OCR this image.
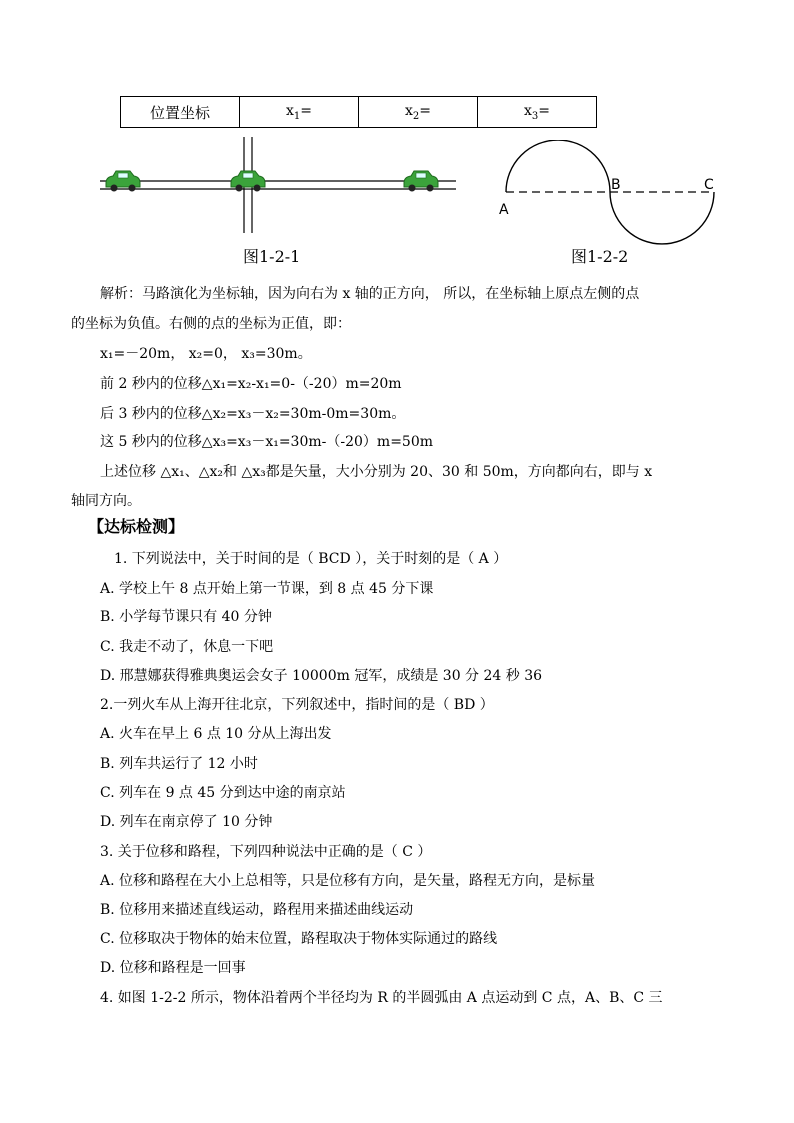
位置坐标	$x_1=$	$x_2=$	$x_3=$
图1-2-1
A
B	C
图1-2-2
解析：马路演化为坐标轴，因为向右为 x 轴的正方向， 所以，在坐标轴上原点左侧的点
的坐标为负值。右侧的点的坐标为正值，即：
x₁=－20m， x₂=0， x₃=30m。
前 2 秒内的位移△x₁=x₂-x₁=0-（-20）m=20m
后 3 秒内的位移△x₂=x₃－x₂=30m-0m=30m。
这 5 秒内的位移△x₃=x₃－x₁=30m-（-20）m=50m
上述位移 △x₁、△x₂和 △x₃都是矢量，大小分别为 20、30 和 50m，方向都向右，即与 x
轴同方向。
【达标检测】
1. 下列说法中，关于时间的是（ BCD ），关于时刻的是（ A ）
A. 学校上午 8 点开始上第一节课，到 8 点 45 分下课
B. 小学每节课只有 40 分钟
C. 我走不动了，休息一下吧
D. 邢慧娜获得雅典奥运会女子 10000m 冠军，成绩是 30 分 24 秒 36
2.一列火车从上海开往北京，下列叙述中，指时间的是（ BD ）
A. 火车在早上 6 点 10 分从上海出发
B. 列车共运行了 12 小时
C. 列车在 9 点 45 分到达中途的南京站
D. 列车在南京停了 10 分钟
3. 关于位移和路程，下列四种说法中正确的是（ C ）
A. 位移和路程在大小上总相等，只是位移有方向，是矢量，路程无方向，是标量
B. 位移用来描述直线运动，路程用来描述曲线运动
C. 位移取决于物体的始末位置，路程取决于物体实际通过的路线
D. 位移和路程是一回事
4. 如图 1-2-2 所示，物体沿着两个半径均为 R 的半圆弧由 A 点运动到 C 点，A、B、C 三
